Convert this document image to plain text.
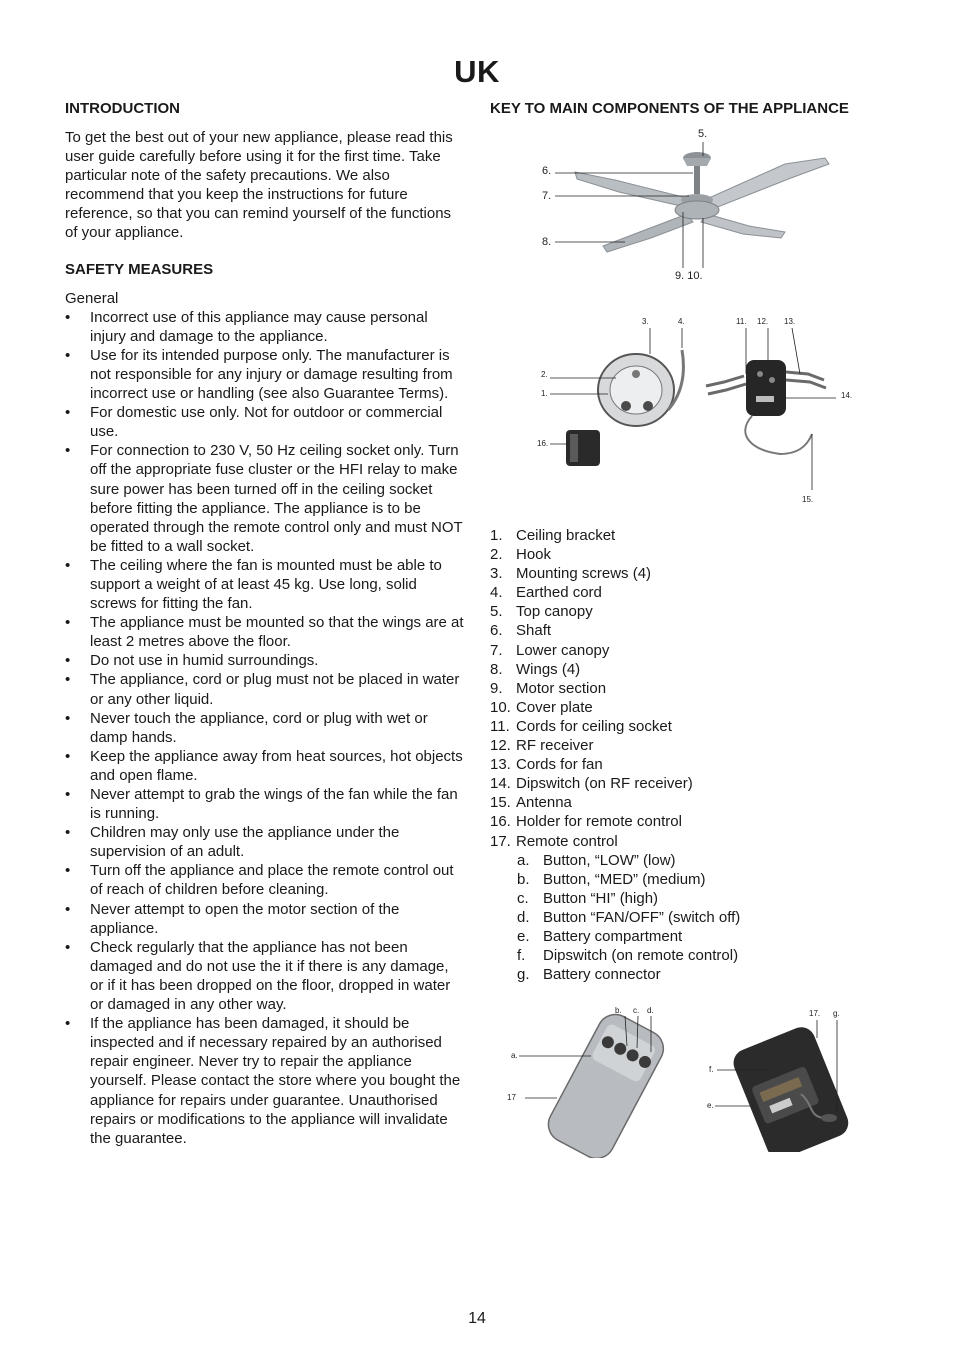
UK
INTRODUCTION

To get the best out of your new appliance, please read this user guide carefully before using it for the first time. Take particular note of the safety precautions. We also recommend that you keep the instructions for future reference, so that you can remind yourself of the functions of your appliance.

SAFETY MEASURES
General
• Incorrect use of this appliance may cause personal injury and damage to the appliance.
• Use for its intended purpose only. The manufacturer is not responsible for any injury or damage resulting from incorrect use or handling (see also Guarantee Terms).
• For domestic use only. Not for outdoor or commercial use.
• For connection to 230 V, 50 Hz ceiling socket only. Turn off the appropriate fuse cluster or the HFI relay to make sure power has been turned off in the ceiling socket before fitting the appliance. The appliance is to be operated through the remote control only and must NOT be fitted to a wall socket.
• The ceiling where the fan is mounted must be able to support a weight of at least 45 kg. Use long, solid screws for fitting the fan.
• The appliance must be mounted so that the wings are at least 2 metres above the floor.
• Do not use in humid surroundings.
• The appliance, cord or plug must not be placed in water or any other liquid.
• Never touch the appliance, cord or plug with wet or damp hands.
• Keep the appliance away from heat sources, hot objects and open flame.
• Never attempt to grab the wings of the fan while the fan is running.
• Children may only use the appliance under the supervision of an adult.
• Turn off the appliance and place the remote control out of reach of children before cleaning.
• Never attempt to open the motor section of the appliance.
• Check regularly that the appliance has not been damaged and do not use the it if there is any damage, or if it has been dropped on the floor, dropped in water or damaged in any other way.
• If the appliance has been damaged, it should be inspected and if necessary repaired by an authorised repair engineer. Never try to repair the appliance yourself. Please contact the store where you bought the appliance for repairs under guarantee. Unauthorised repairs or modifications to the appliance will invalidate the guarantee.
KEY TO MAIN COMPONENTS OF THE APPLIANCE
5.
6.
7.
8.
9. 10.
3.	4.
2.
1.
16.
11. 12. 13.
14.
15.
1. Ceiling bracket
2. Hook
3. Mounting screws (4)
4. Earthed cord
5. Top canopy
6. Shaft
7. Lower canopy
8. Wings (4)
9. Motor section
10. Cover plate
11. Cords for ceiling socket
12. RF receiver
13. Cords for fan
14. Dipswitch (on RF receiver)
15. Antenna
16. Holder for remote control
17. Remote control
a. Button, “LOW” (low)
b. Button, “MED” (medium)
c. Button “HI” (high)
d. Button “FAN/OFF” (switch off)
e. Battery compartment
f. Dipswitch (on remote control)
g. Battery connector
a.
b. c. d.
17
17. g.
f.
e.
14
